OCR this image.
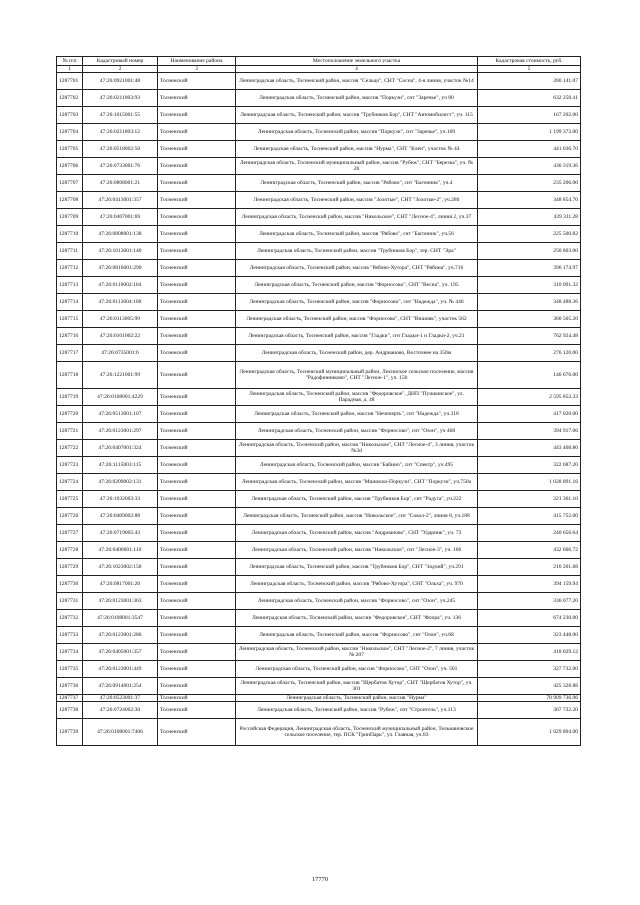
№ п/п	Кадастровый номер	Наименование района	Местоположение земельного участка	Кадастровая стоимость, руб.
1	2	3	4	5
1287701	47:26:0921001:48	Тосненский	Ленинградская область, Тосненский район, массив "Сельцо", СНТ "Сосна", 4-я линия, участок №14	280 141.07
1287702	47:26:0211003:93	Тосненский	Ленинградская область, Тосненский район, массив "Поркузи", снт "Заречье", уч 80	632 258.41
1287703	47:26:1015001:55	Тосненский	Ленинградская область, Тосненский район, массив "Трубников Бор", СНТ "Автомобилист", уч. 115	167 202.00
1287704	47:26:0211003:12	Тосненский	Ленинградская область, Тосненский район, массив "Поркузи", снт "Заречье", уч.109	1 199 373.00
1287705	47:26:0518002:50	Тосненский	Ленинградская область, Тосненский район, массив "Нурма", СНТ "Клен", участок № 44	441 036.70
1287706	47:26:0733001:76	Тосненский	Ленинградская область, Тосненский муниципальный район, массив "Рубеж", СНТ "Березка", уч. № 26	436 319.36
1287707	47:26:0808001:21	Тосненский	Ленинградская область, Тосненский район, массив "Рябово", снт "Багонник", уч.4	235 206.00
1287708	47:26:0413001:357	Тосненский	Ленинградская область, Тосненский район, массив "Золотые", СНТ "Золотые-2", уч.286	348 854.70
1287709	47:26:0407001:69	Тосненский	Ленинградская область, Тосненский район, массив "Никольское", СНТ "Лесное-4", линия 2, уч.37	439 311.28
1287710	47:26:0808001:138	Тосненский	Ленинградская область, Тосненский район, массив "Рябово", снт "Багонник", уч.56	225 500.82
1287711	47:26:1013001:140	Тосненский	Ленинградская область, Тосненский район, массив "Трубников Бор", тер. СНТ "Эра"	250 803.00
1287712	47:26:0816001:290	Тосненский	Ленинградская область, Тосненский район, массив "Рябово-Хутора", СНТ "Рябина", уч.716	396 174.97
1287713	47:26:0110002:104	Тосненский	Ленинградская область, Тосненский район, массив "Форносово", СНТ "Весна", уч. 195	310 091.32
1287714	47:26:0113004:100	Тосненский	Ленинградская область, Тосненский район, массив "Форносово", снт "Надежда", уч. № 446	348 488.36
1287715	47:26:0113005:99	Тосненский	Ленинградская область, Тосненский район, массив "Форносово", СНТ "Вишняк", участок 562	360 505.20
1287716	47:26:0101002:22	Тосненский	Ленинградская область, Тосненский район, массив "Гладки", снт Гладки-1 и Гладки-2, уч.21	762 924.48
1287717	47:26:0735001:6	Тосненский	Ленинградская область, Тосненский район, дер. Андрианово, Восточнее на 350м	276 120.00
1287718	47:26:1221001:99	Тосненский	Ленинградская область, Тосненский муниципальный район, Лисинское сельское поселение, массив "Радофинниково", СНТ "Лесное-1", уч. 150	146 676.00
1287719	47:26:0108001:4229	Тосненский	Ленинградская область, Тосненский район, массив "Федоровское", ДНП "Пушкинское", ул. Парадная, д. 48	2 595 852.33
1287720	47:26:0513001:107	Тосненский	Ленинградская область, Тосненский район, массив "Нечеперть", снт "Надежда", уч.318	417 020.00
1287721	47:26:0123001:297	Тосненский	Ленинградская область, Тосненский район, массив "Форносово", снт "Озон", уч 468	394 917.06
1287722	47:26:0407001:324	Тосненский	Ленинградская область, Тосненский район, массив "Никольское", СНТ "Лесное-4", 3 линия, участок №3d	443 468.80
1287723	47:26:1115003:115	Тосненский	Ленинградская область, Тосненский район, массив "Бабино", снт "Спектр", уч.495	322 687.20
1287724	47:26:0209002:131	Тосненский	Ленинградская область, Тосненский район, массив "Мшинско-Поркузи", СНТ "Поркузи", уч.750а	1 028 891.16
1287725	47:26:1032003:33	Тосненский	Ленинградская область, Тосненский район, массив "Трубников Бор", снт "Радуга", уч.222	221 361.10
1287726	47:26:0409002:88	Тосненский	Ленинградская область, Тосненский район, массив "Никольское", снт "Сокол-2", линия 8, уч.188	415 752.00
1287727	47:26:0719005:43	Тосненский	Ленинградская область, Тосненский район, массив "Андрианово", СНТ "Ударник", уч. 73	240 656.64
1287728	47:26:0406001:110	Тосненский	Ленинградская область, Тосненский район, массив "Никольское", снт "Лесное-3", уч. 106	432 606.72
1287729	47:26:1023002:158	Тосненский	Ленинградская область, Тосненский район, массив "Трубников Бор", СНТ "Зодчий", уч.291	216 201.68
1287730	47:26:0817001:20	Тосненский	Ленинградская область, Тосненский район, массив "Рябово-Хутора", СНТ "Ольха", уч. 970	394 159.94
1287731	47:26:0123001:363	Тосненский	Ленинградская область, Тосненский район, массив "Форносово", снт "Озон", уч.245	336 077.20
1287732	47:26:0108001:3547	Тосненский	Ленинградская область, Тосненский район, массив "Федоровское", СНТ "Флора", уч. 136	674 230.00
1287733	47:26:0123001:286	Тосненский	Ленинградская область, Тосненский район, массив "Форносово", снт "Озон", уч.68	323 448.00
1287734	47:26:0405001:357	Тосненский	Ленинградская область, Тосненский район, массив "Никольское", СНТ "Лесное-2", 7 линия, участок № 207	418 629.12
1287735	47:26:0123001:449	Тосненский	Ленинградская область, Тосненский район, массив "Форносово", СНТ "Озон", уч. 501	327 732.00
1287736	47:26:0914001:254	Тосненский	Ленинградская область, Тосненский район, массив "Щербатов Хутор", СНТ "Щербатов Хутор", уч. 301	425 328.88
1287737	47:26:0523001:37	Тосненский	Ленинградская область, Тосненский район, массив "Нурма"	78 909 736.96
1287738	47:26:0724002:30	Тосненский	Ленинградская область, Тосненский район, массив "Рубеж", снт "Строитель", уч.113	367 732.20
1287739	47:26:0108001:7406	Тосненский	Российская Федерация, Ленинградская область, Тосненский муниципальный район, Тельмановское сельское поселение, тер. ПСК "ГринПарк", ул. Главная, уч.83	1 029 804.00
17770
